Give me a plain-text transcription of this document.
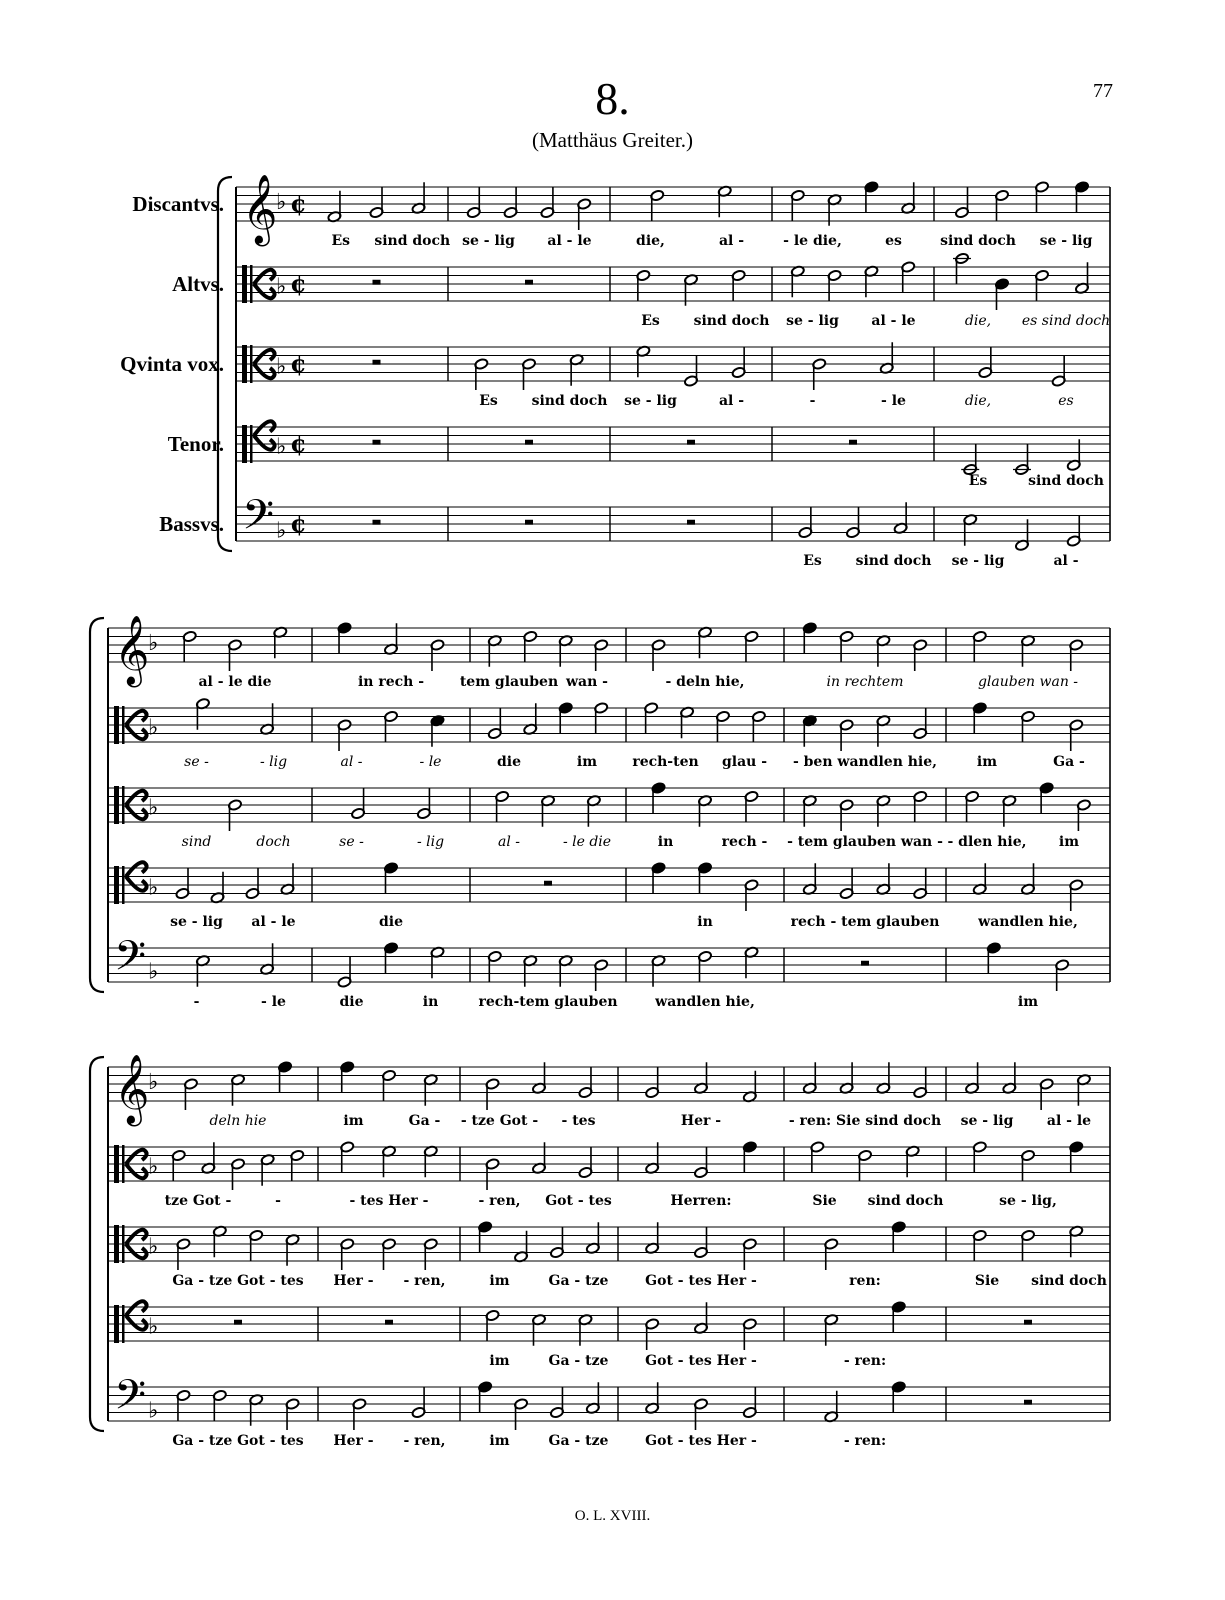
8.
(Matthäus Greiter.)
77
𝄞
♭ ¢
Discantvs.
Es sind doch se - lig al - le	die,	al -	- le die,	es	sind doch se - lig
♭ ¢
Altvs.
Es sind doch se - lig al - le	die, es sind doch
♭ ¢
Qvinta vox.
Es sind doch se - lig	al -	-	- le	die,	es
♭ ¢
Tenor.
Es	sind doch
𝄢 ♭ ¢
Bassvs.
Es sind doch se - lig	al -
𝄞
♭
al - le die	in rech -	tem glauben wan -	- deln hie,	in rechtem	glauben wan -
♭
se -	- lig	al -	- le	die	im	rech-ten glau - - ben wandlen hie,	im	Ga -
♭
sind	doch	se -	- lig	al -	- le die	in	rech - - tem glauben wan - - dlen hie, im
♭
se - lig al - le	die	in	rech - tem glauben	wandlen hie,
𝄢 ♭
-	- le	die	in	rech-tem glauben	wandlen hie,	im
𝄞
♭
deln hie	im	Ga - - tze Got - - tes	Her -	- ren: Sie sind doch se - lig al - le
♭
tze Got -	-	- tes Her -	- ren, Got - tes	Herren:	Sie sind doch	se - lig,
♭
Ga - tze Got - tes Her - - ren,	im	Ga - tze	Got - tes Her -	ren:	Sie sind doch
♭
im	Ga - tze	Got - tes Her -	- ren:
𝄢 ♭
Ga - tze Got - tes Her - - ren,	im	Ga - tze	Got - tes Her -	- ren:
O. L. XVIII.
